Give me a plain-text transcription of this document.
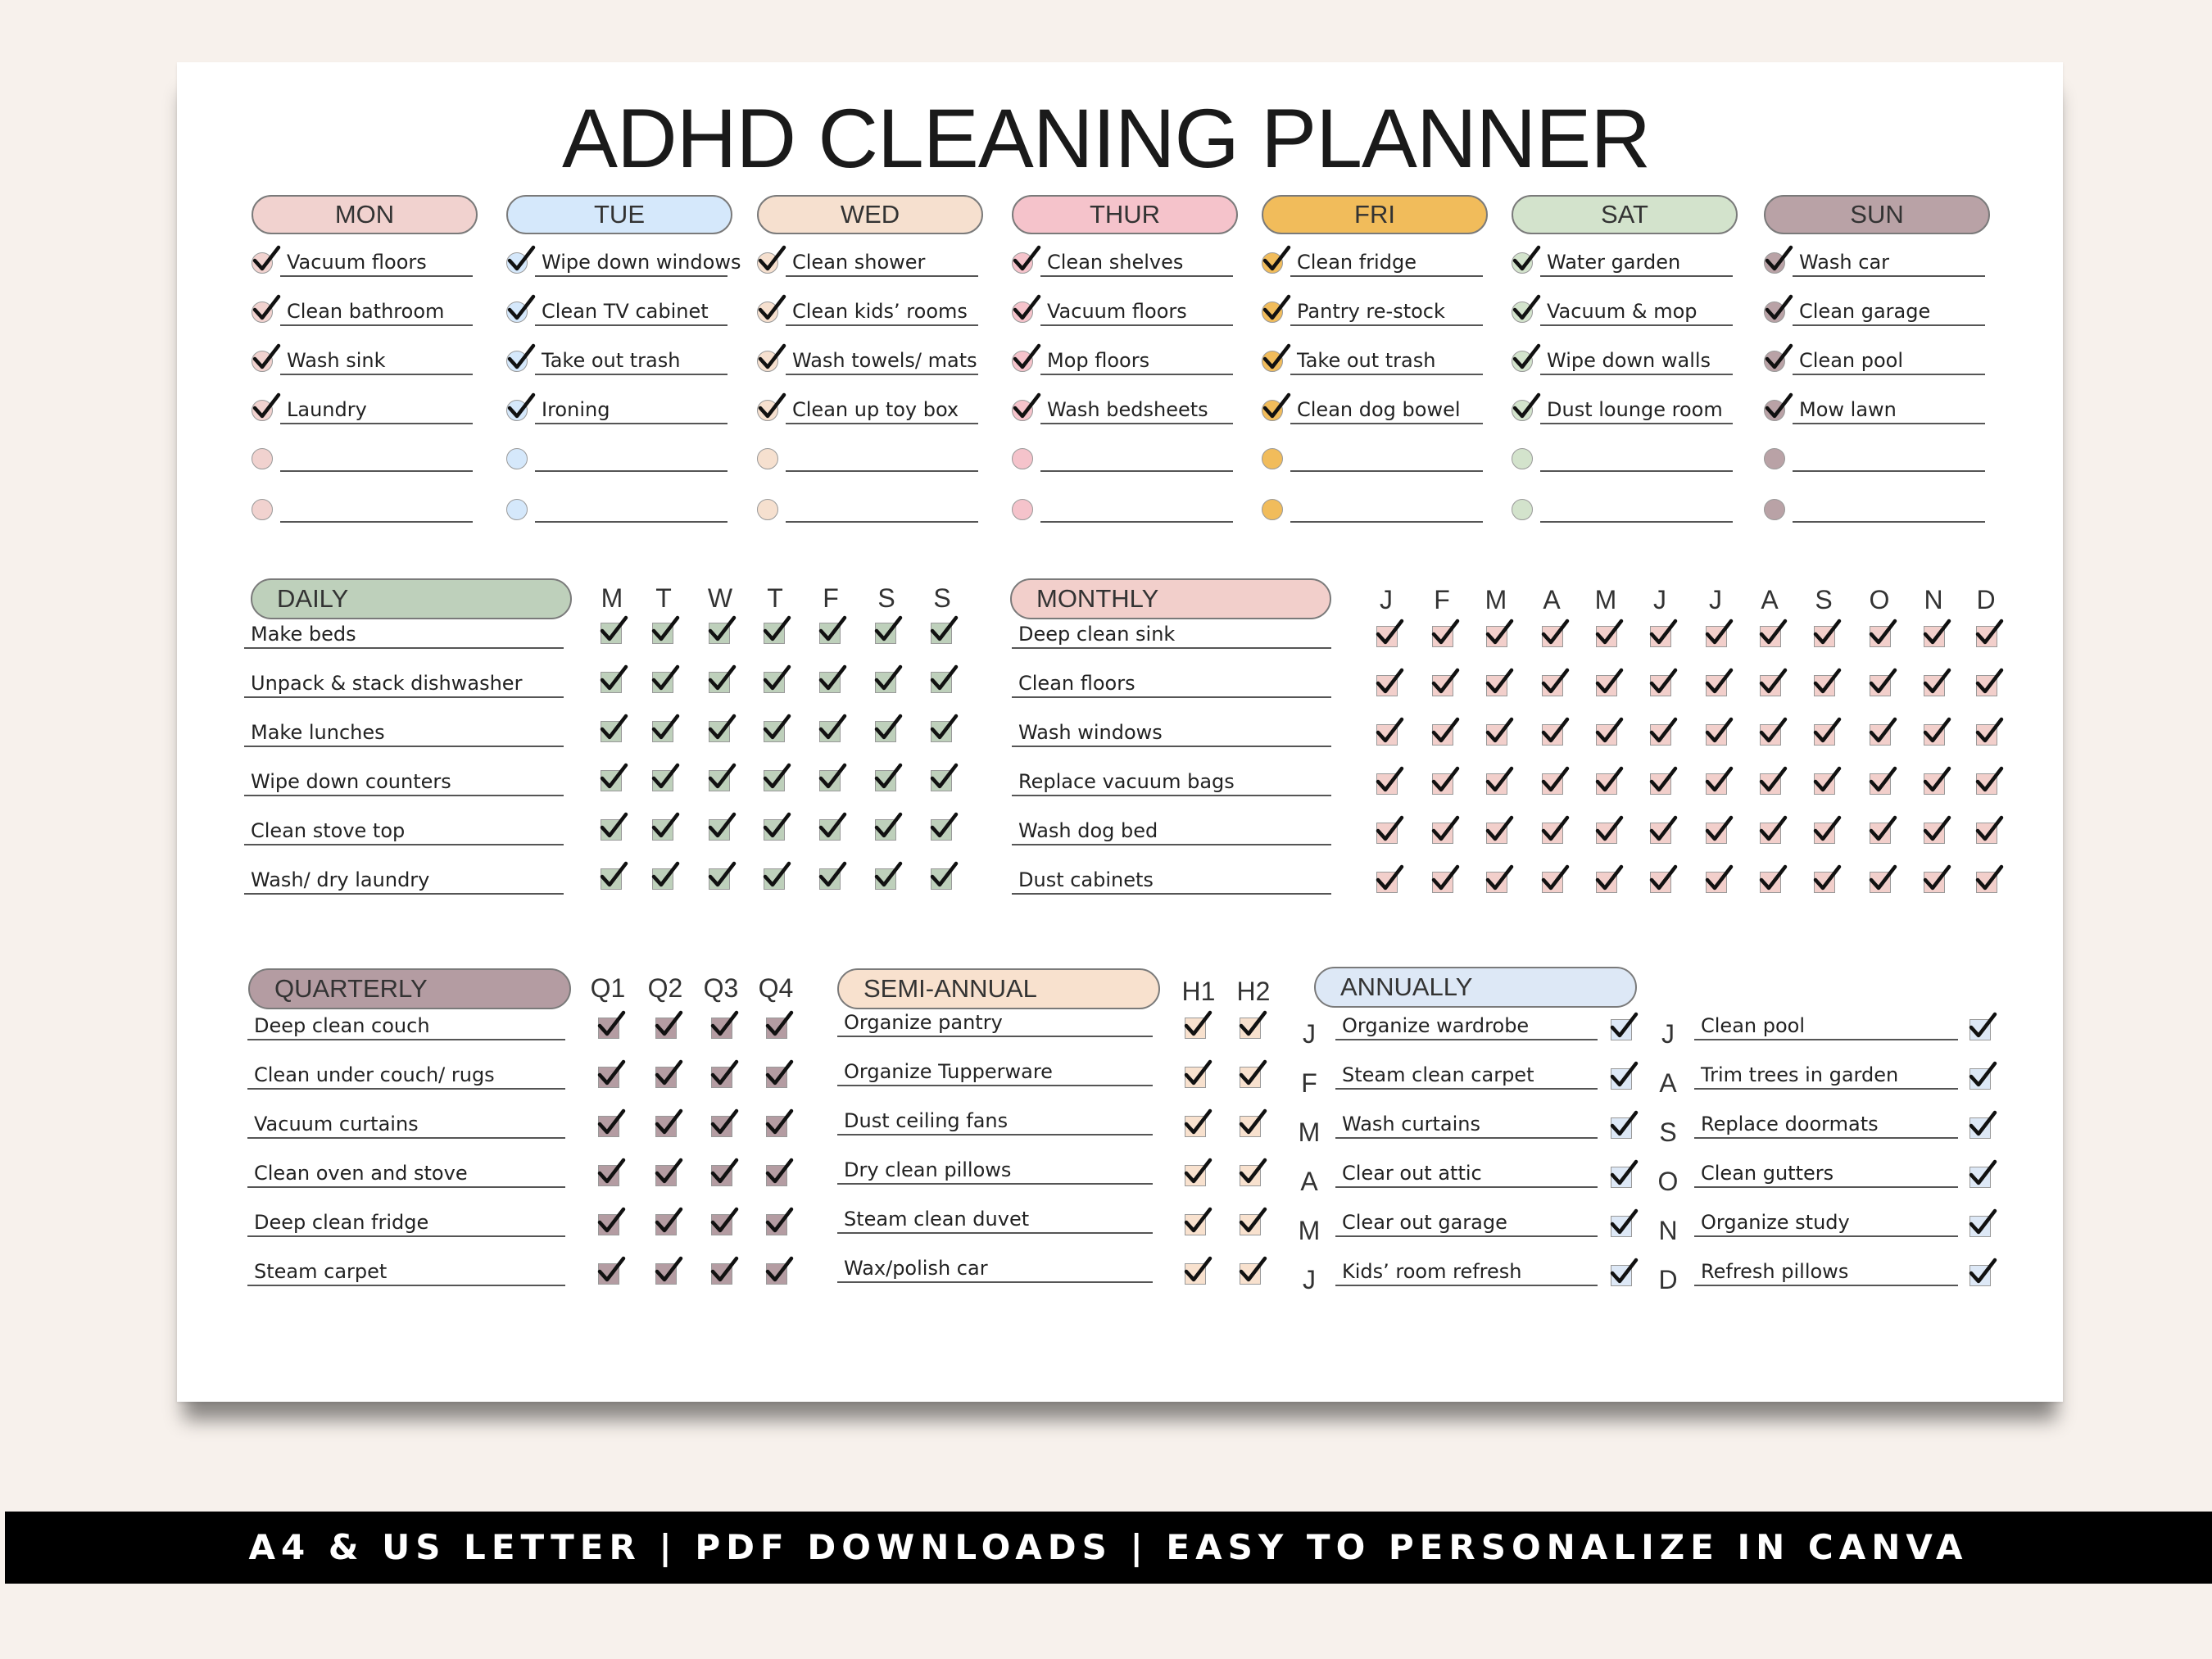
ADHD CLEANING PLANNER
MON
Vacuum floors
Clean bathroom
Wash sink
Laundry
TUE
Wipe down windows
Clean TV cabinet
Take out trash
Ironing
WED
Clean shower
Clean kids’ rooms
Wash towels/ mats
Clean up toy box
THUR
Clean shelves
Vacuum floors
Mop floors
Wash bedsheets
FRI
Clean fridge
Pantry re-stock
Take out trash
Clean dog bowel
SAT
Water garden
Vacuum & mop
Wipe down walls
Dust lounge room
SUN
Wash car
Clean garage
Clean pool
Mow lawn
DAILY	M	T	W	T	F	S S
Make beds
Unpack & stack dishwasher
Make lunches
Wipe down counters
Clean stove top
Wash/ dry laundry
MONTHLY	J	F	M A M	J	J	A S O N D
Deep clean sink
Clean floors
Wash windows
Replace vacuum bags
Wash dog bed
Dust cabinets
QUARTERLY	Q1 Q2 Q3 Q4
Deep clean couch
Clean under couch/ rugs
Vacuum curtains
Clean oven and stove
Deep clean fridge
Steam carpet
SEMI-ANNUAL	H1 H2
Organize pantry
Organize Tupperware
Dust ceiling fans
Dry clean pillows
Steam clean duvet
Wax/polish car
ANNUALLY
J	Organize wardrobe
F	Steam clean carpet
M Wash curtains
A	Clear out attic
M Clear out garage
J	Kids’ room refresh
J	Clean pool
A	Trim trees in garden
S	Replace doormats
O Clean gutters
N Organize study
D Refresh pillows
A4 & US LETTER | PDF DOWNLOADS | EASY TO PERSONALIZE IN CANVA
